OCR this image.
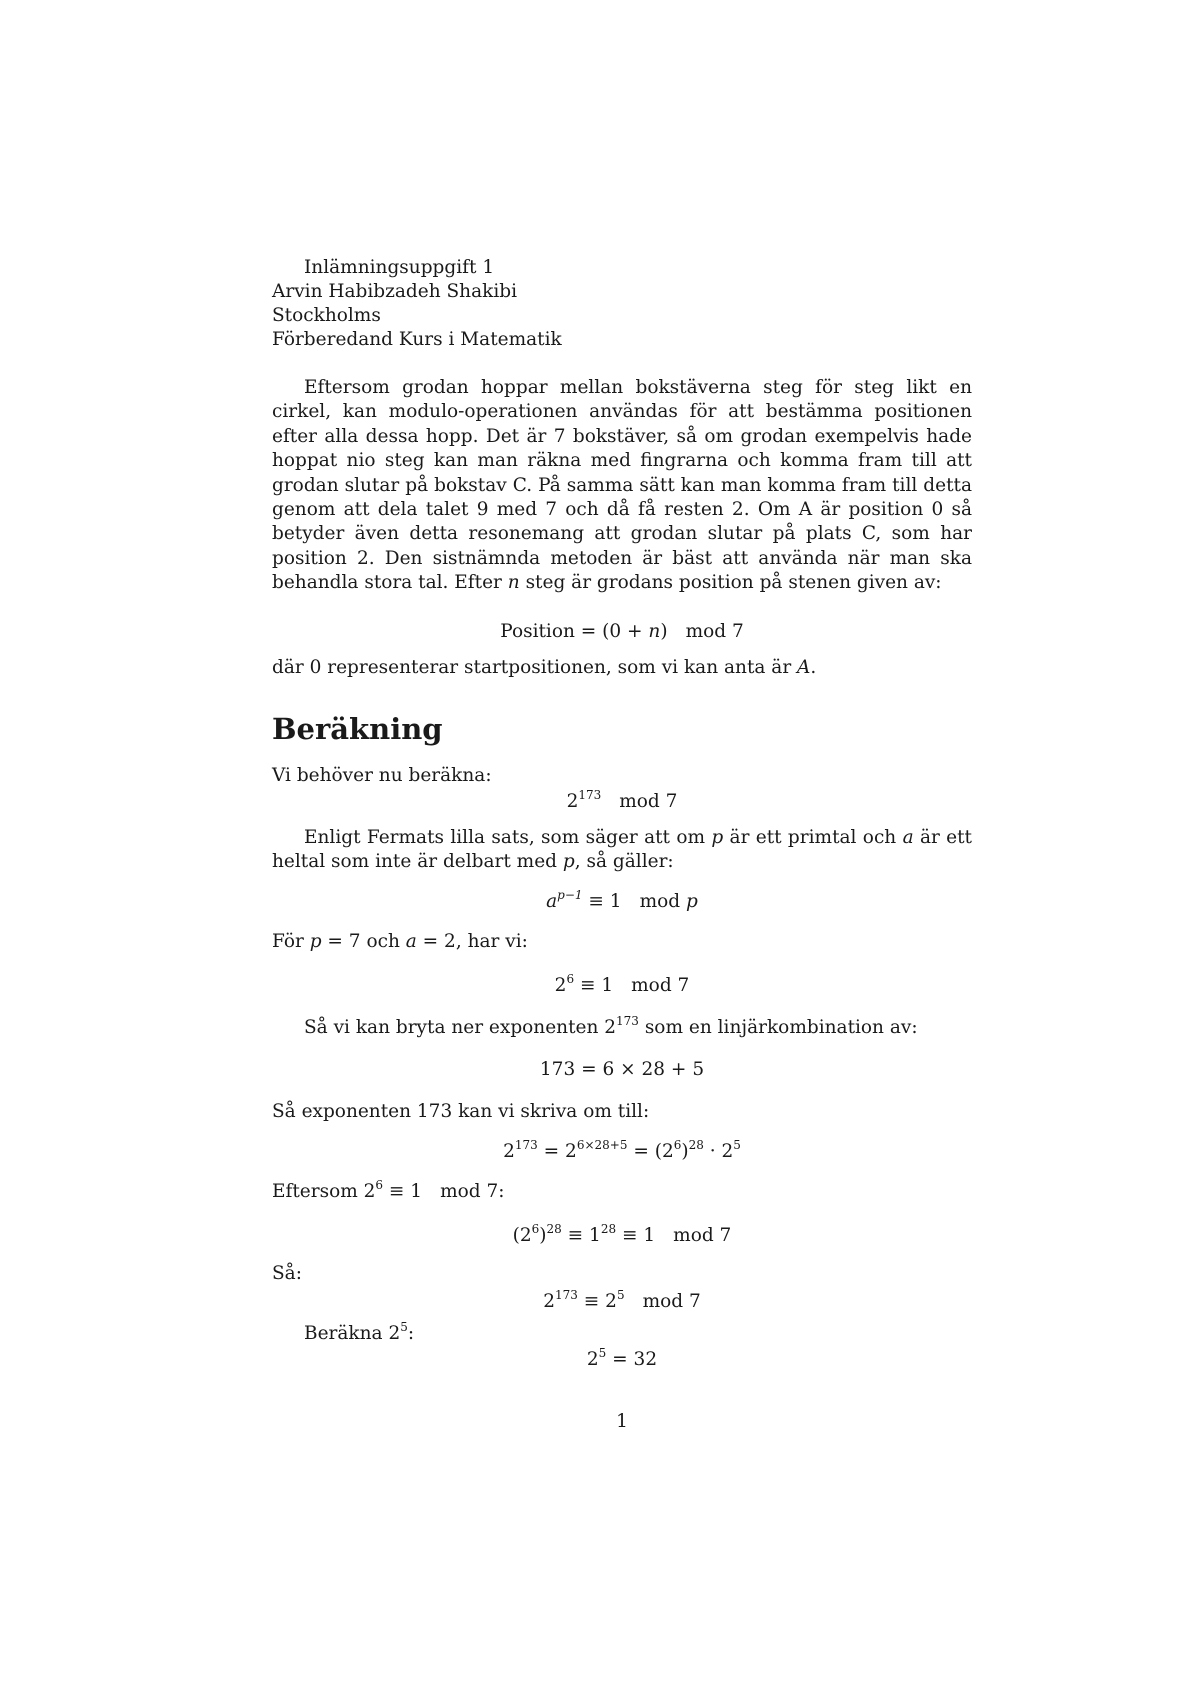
Inlämningsuppgift 1
Arvin Habibzadeh Shakibi
Stockholms
Förberedand Kurs i Matematik
Eftersom grodan hoppar mellan bokstäverna steg för steg likt en cirkel, kan modulo-operationen användas för att bestämma positionen efter alla dessa hopp. Det är 7 bokstäver, så om grodan exempelvis hade hoppat nio steg kan man räkna med fingrarna och komma fram till att grodan slutar på bokstav C. På samma sätt kan man komma fram till detta genom att dela talet 9 med 7 och då få resten 2. Om A är position 0 så betyder även detta resonemang att grodan slutar på plats C, som har position 2. Den sistnämnda metoden är bäst att använda när man ska behandla stora tal. Efter n steg är grodans position på stenen given av:
Position = (0 + n) mod 7
där 0 representerar startpositionen, som vi kan anta är A.
Beräkning
Vi behöver nu beräkna:
$2^{173}$ mod 7
Enligt Fermats lilla sats, som säger att om p är ett primtal och a är ett heltal som inte är delbart med p, så gäller:
$a^{p-1} \equiv 1$ mod p
För p = 7 och a = 2, har vi:
$2^6 \equiv 1$ mod 7
Så vi kan bryta ner exponenten $2^{173}$ som en linjärkombination av:
173 = 6 × 28 + 5
Så exponenten 173 kan vi skriva om till:
$2^{173} = 2^{6\times 28+5} = (2^6)^{28} \cdot 2^5$
Eftersom $2^6 \equiv 1$ mod 7:
$(2^6)^{28} \equiv 1^{28} \equiv 1$ mod 7
Så:
$2^{173} \equiv 2^5$ mod 7
Beräkna $2^5$:
$2^5 = 32$
1
